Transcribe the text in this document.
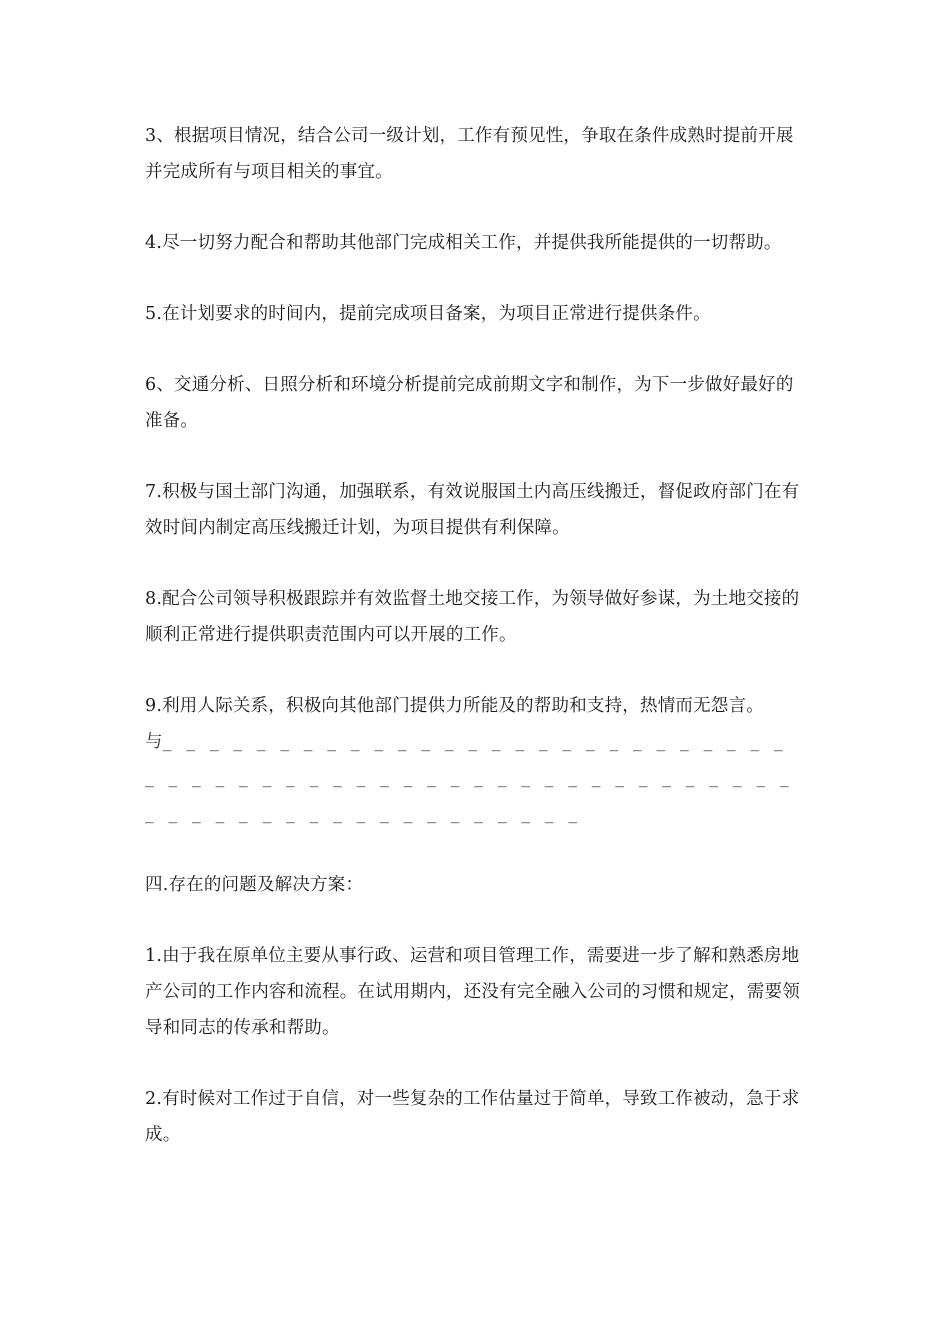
3、根据项目情况，结合公司一级计划，工作有预见性，争取在条件成熟时提前开展并完成所有与项目相关的事宜。

4.尽一切努力配合和帮助其他部门完成相关工作，并提供我所能提供的一切帮助。

5.在计划要求的时间内，提前完成项目备案，为项目正常进行提供条件。

6、交通分析、日照分析和环境分析提前完成前期文字和制作，为下一步做好最好的准备。

7.积极与国土部门沟通，加强联系，有效说服国土内高压线搬迁，督促政府部门在有效时间内制定高压线搬迁计划，为项目提供有利保障。

8.配合公司领导积极跟踪并有效监督土地交接工作，为领导做好参谋，为土地交接的顺利正常进行提供职责范围内可以开展的工作。

9.利用人际关系，积极向其他部门提供力所能及的帮助和支持，热情而无怨言。

与_ _ _ _ _ _ _ _ _ _ _ _ _ _ _ _ _ _ _ _ _ _ _ _ _ _ _ _ _ _ _ _ _ _ _ _ _ _ _ _ _ _ _ _ _ _ _ _ _ _ _ _ _ _ _ _ _ _ _ _ _ _ _ _ _ _ _ _ _ _ _ _ _ _

四.存在的问题及解决方案：

1.由于我在原单位主要从事行政、运营和项目管理工作，需要进一步了解和熟悉房地产公司的工作内容和流程。在试用期内，还没有完全融入公司的习惯和规定，需要领导和同志的传承和帮助。

2.有时候对工作过于自信，对一些复杂的工作估量过于简单，导致工作被动，急于求成。
